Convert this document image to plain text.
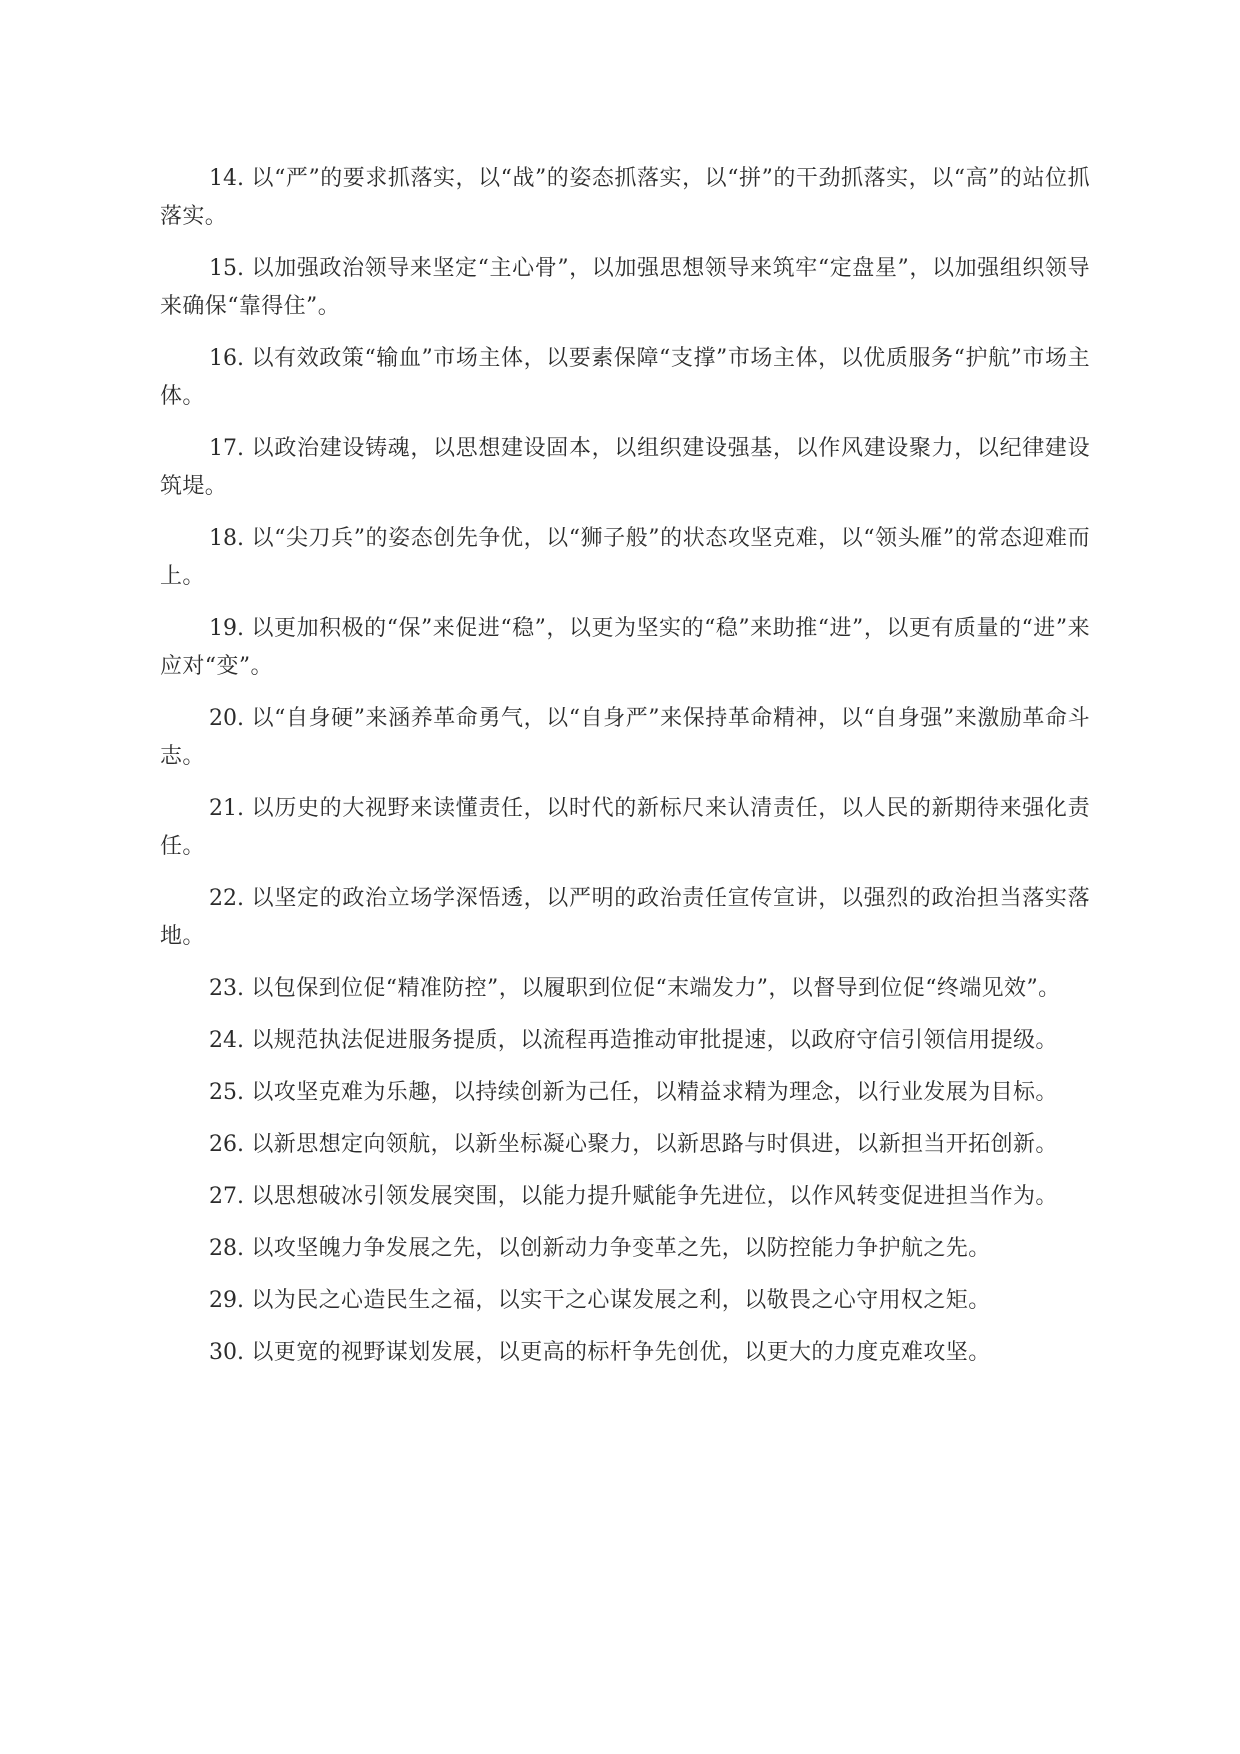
14. 以“严”的要求抓落实，以“战”的姿态抓落实，以“拼”的干劲抓落实，以“高”的站位抓落实。

15. 以加强政治领导来坚定“主心骨”，以加强思想领导来筑牢“定盘星”，以加强组织领导来确保“靠得住”。

16. 以有效政策“输血”市场主体，以要素保障“支撑”市场主体，以优质服务“护航”市场主体。

17. 以政治建设铸魂，以思想建设固本，以组织建设强基，以作风建设聚力，以纪律建设筑堤。

18. 以“尖刀兵”的姿态创先争优，以“狮子般”的状态攻坚克难，以“领头雁”的常态迎难而上。

19. 以更加积极的“保”来促进“稳”，以更为坚实的“稳”来助推“进”，以更有质量的“进”来应对“变”。

20. 以“自身硬”来涵养革命勇气，以“自身严”来保持革命精神，以“自身强”来激励革命斗志。

21. 以历史的大视野来读懂责任，以时代的新标尺来认清责任，以人民的新期待来强化责任。

22. 以坚定的政治立场学深悟透，以严明的政治责任宣传宣讲，以强烈的政治担当落实落地。

23. 以包保到位促“精准防控”，以履职到位促“末端发力”，以督导到位促“终端见效”。

24. 以规范执法促进服务提质，以流程再造推动审批提速，以政府守信引领信用提级。

25. 以攻坚克难为乐趣，以持续创新为己任，以精益求精为理念，以行业发展为目标。

26. 以新思想定向领航，以新坐标凝心聚力，以新思路与时俱进，以新担当开拓创新。

27. 以思想破冰引领发展突围，以能力提升赋能争先进位，以作风转变促进担当作为。

28. 以攻坚魄力争发展之先，以创新动力争变革之先，以防控能力争护航之先。

29. 以为民之心造民生之福，以实干之心谋发展之利，以敬畏之心守用权之矩。

30. 以更宽的视野谋划发展，以更高的标杆争先创优，以更大的力度克难攻坚。
